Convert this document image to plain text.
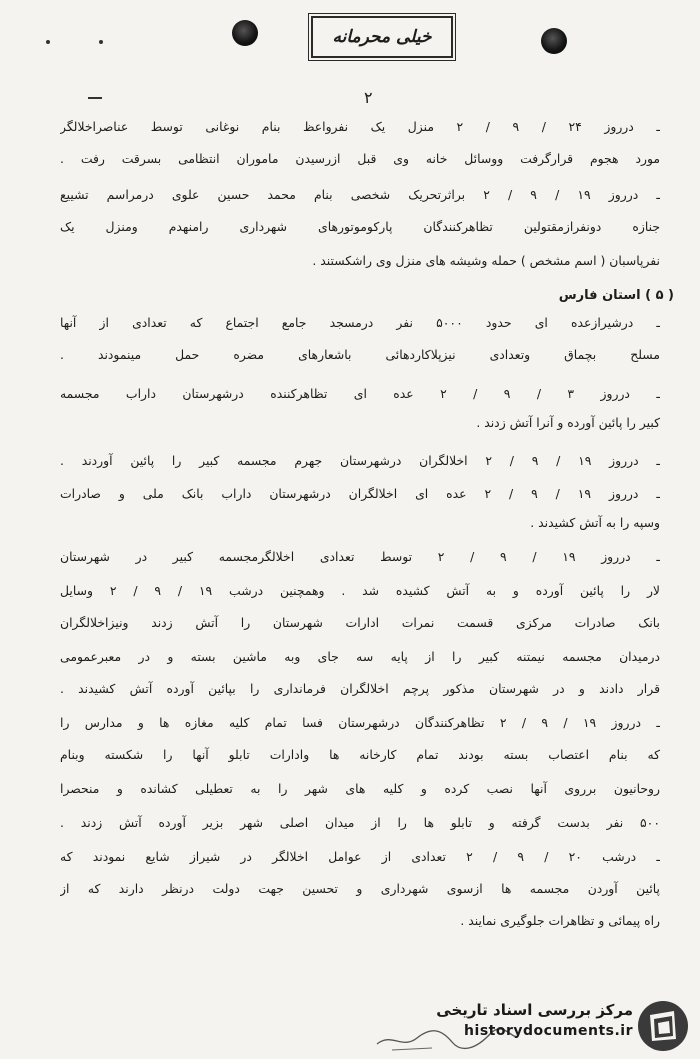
خیلی محرمانه
۲
ـ درروز ۲۴ / ۹ / ۲ منزل یک نفرواعظ بنام نوغانی توسط عناصراخلالگر
مورد هجوم قرارگرفت ووسائل خانه وی قبل ازرسیدن ماموران انتظامی بسرقت رفت .
ـ درروز ۱۹ / ۹ / ۲ براثرتحریک شخصی بنام محمد حسین علوی درمراسم تشییع
جنازه دونفرازمقتولین تظاهرکنندگان پارکوموتورهای شهرداری رامنهدم ومنزل یک
نفرپاسبان ( اسم مشخص ) حمله وشیشه های منزل وی راشکستند .
( ۵ ) استان فارس
ـ درشیرازعده ای حدود ۵۰۰۰ نفر درمسجد جامع اجتماع که تعدادی از آنها
مسلح بچماق وتعدادی نیزپلاکاردهائی باشعارهای مضره حمل مینمودند .
ـ درروز ۳ / ۹ / ۲ عده ای تظاهرکننده درشهرستان داراب مجسمه
کبیر را پائین آورده و آنرا آتش زدند .
ـ درروز ۱۹ / ۹ / ۲ اخلالگران درشهرستان جهرم مجسمه کبیر را پائین آوردند .
ـ درروز ۱۹ / ۹ / ۲ عده ای اخلالگران درشهرستان داراب بانک ملی و صادرات
وسپه را به آتش کشیدند .
ـ درروز ۱۹ / ۹ / ۲ توسط تعدادی اخلالگرمجسمه کبیر در شهرستان
لار را پائین آورده و به آتش کشیده شد . وهمچنین درشب ۱۹ / ۹ / ۲ وسایل
بانک صادرات مرکزی قسمت نمرات ادارات شهرستان را آتش زدند ونیزاخلالگران
درمیدان مجسمه نیمتنه کبیر را از پایه سه جای وبه ماشین بسته و در معبرعمومی
قرار دادند و در شهرستان مذکور پرچم اخلالگران فرمانداری را بپائین آورده آتش کشیدند .
ـ درروز ۱۹ / ۹ / ۲ تظاهرکنندگان درشهرستان فسا تمام کلیه مغازه ها و مدارس را
که بنام اعتصاب بسته بودند تمام کارخانه ها وادارات تابلو آنها را شکسته وبنام
روحانیون برروی آنها نصب کرده و کلیه های شهر را به تعطیلی کشانده و منحصرا
۵۰۰ نفر بدست گرفته و تابلو ها را از میدان اصلی شهر بزیر آورده آتش زدند .
ـ درشب ۲۰ / ۹ / ۲ تعدادی از عوامل اخلالگر در شیراز شایع نمودند که
پائین آوردن مجسمه ها ازسوی شهرداری و تحسین جهت دولت درنظر دارند که از
راه پیمائی و تظاهرات جلوگیری نمایند .
مرکز بررسی اسناد تاریخی
historydocuments.ir
